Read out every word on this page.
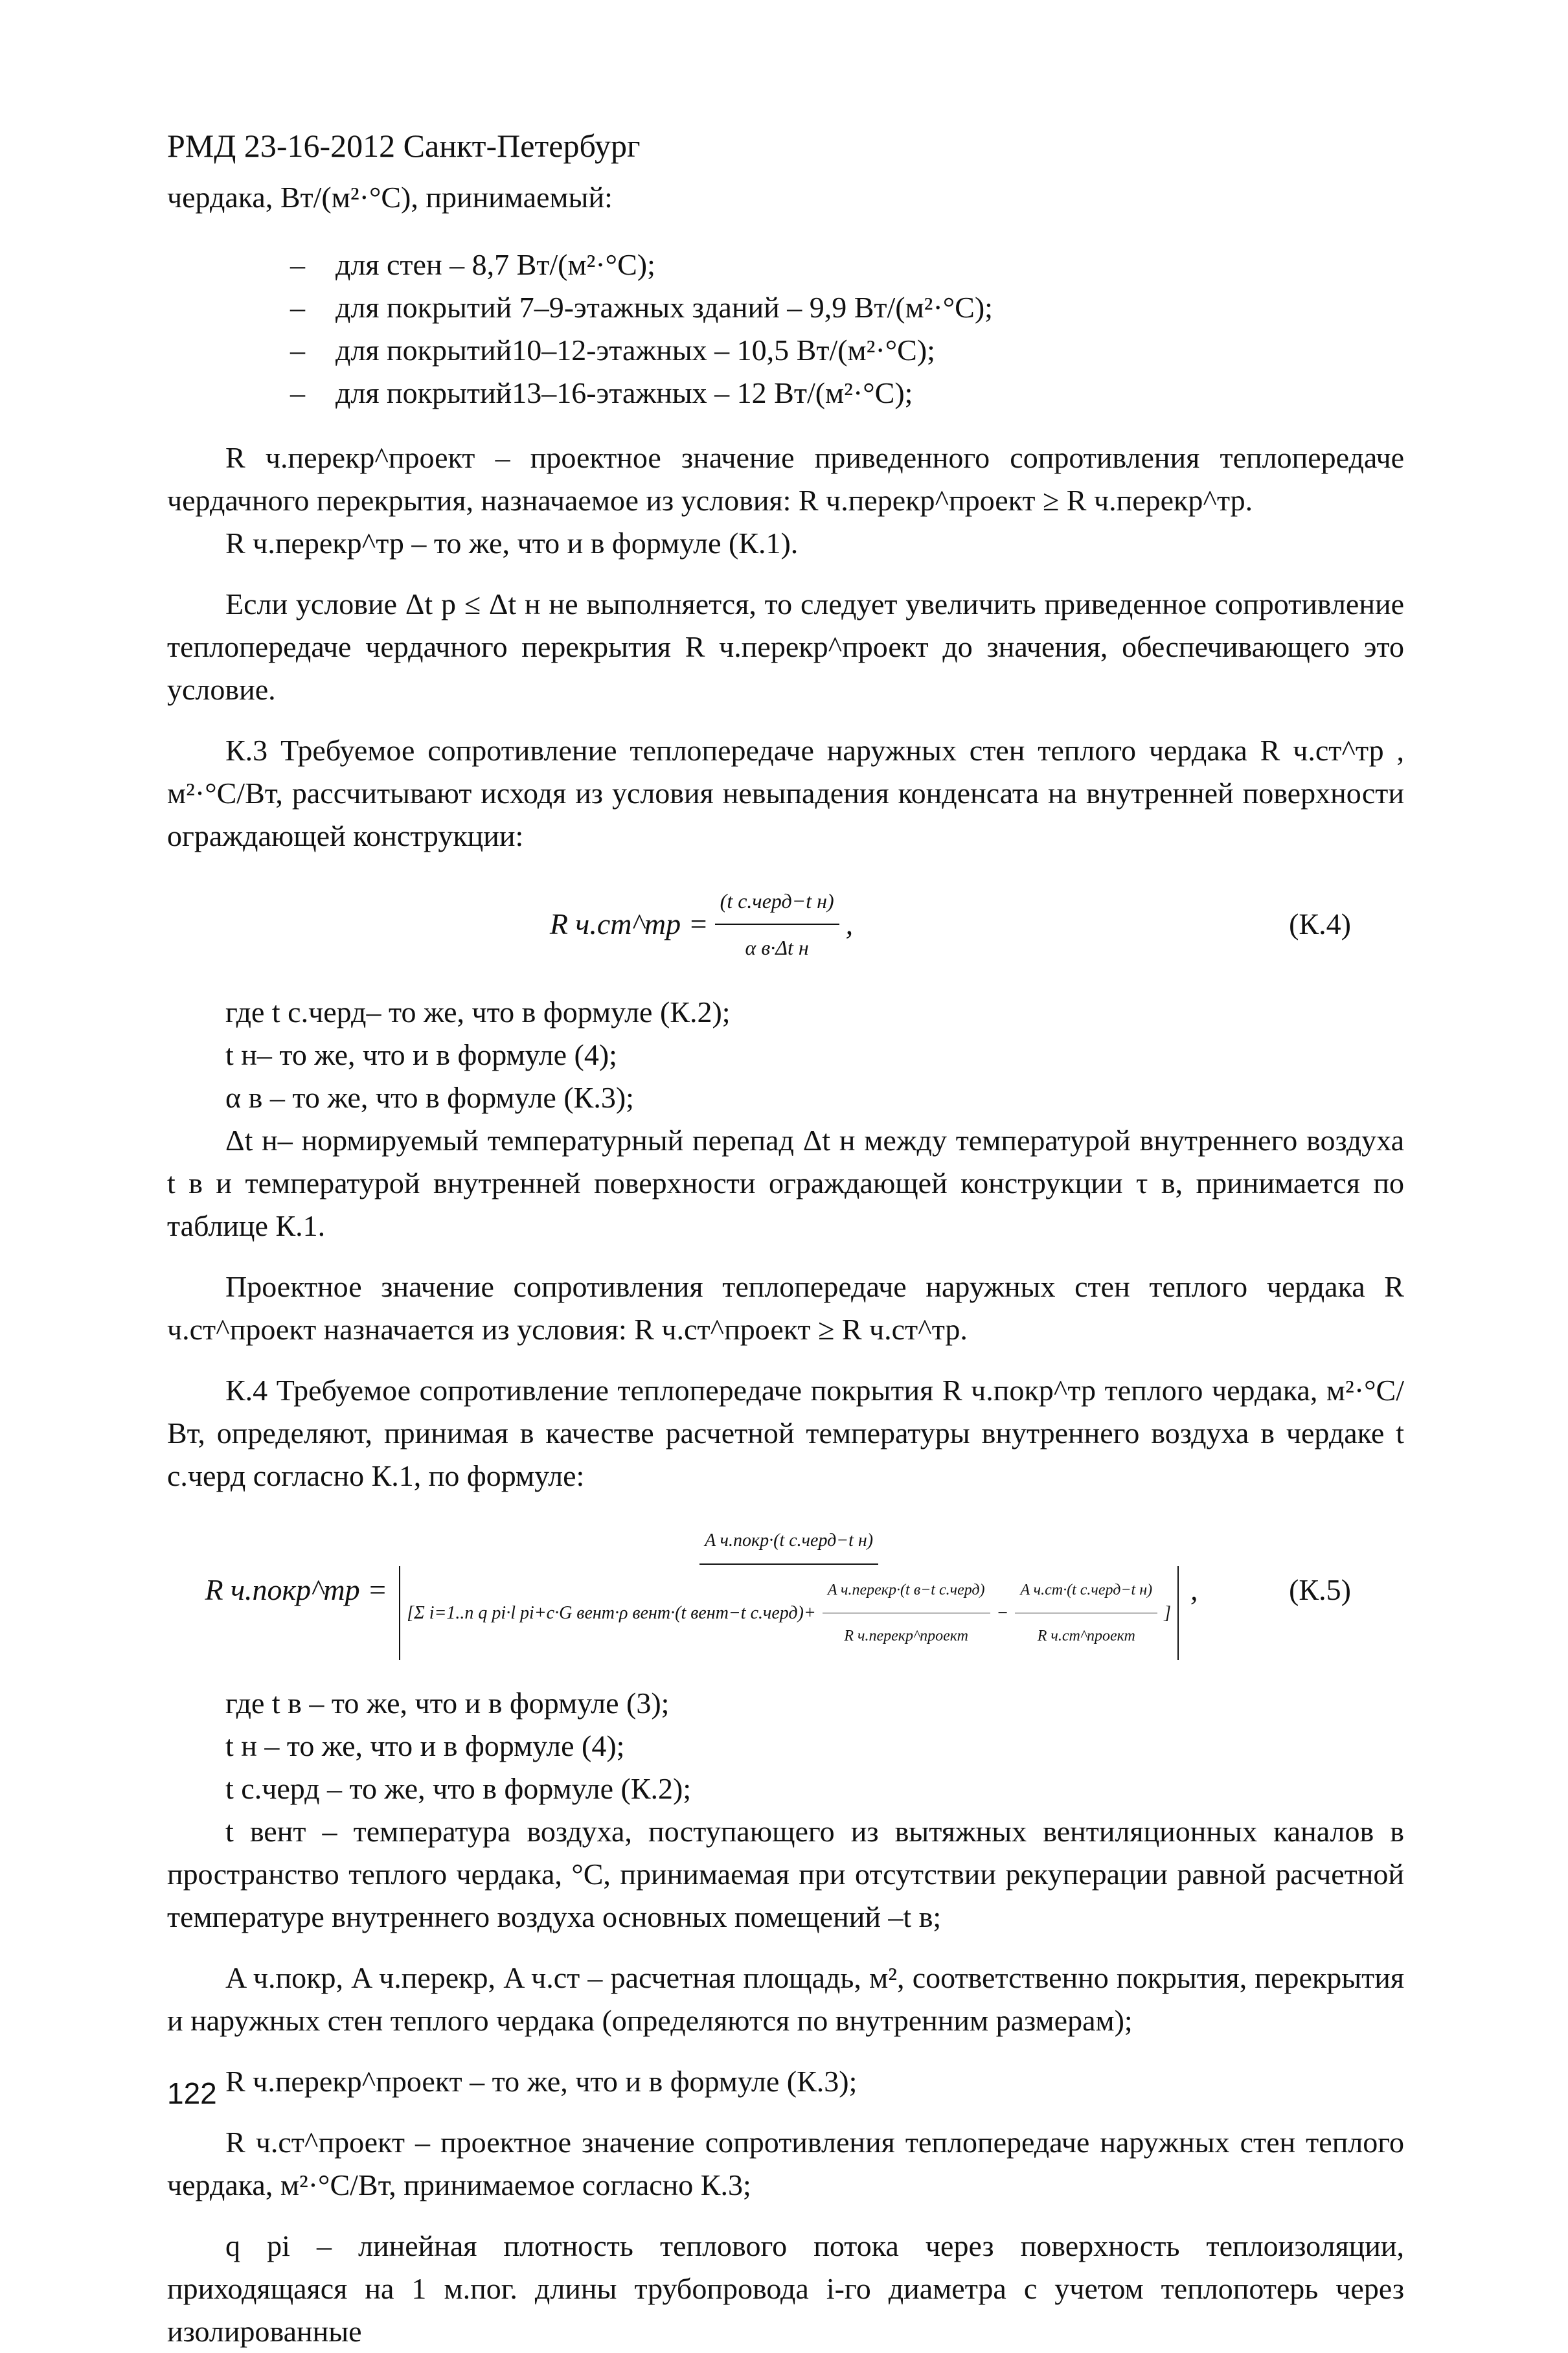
РМД 23-16-2012 Санкт-Петербург

чердака, Вт/(м²·°С), принимаемый:

– для стен – 8,7 Вт/(м²·°С);
– для покрытий 7–9-этажных зданий – 9,9 Вт/(м²·°С);
– для покрытий10–12-этажных – 10,5 Вт/(м²·°С);
– для покрытий13–16-этажных – 12 Вт/(м²·°С);

R ч.перекр^проект – проектное значение приведенного сопротивления теплопередаче чердачного перекрытия, назначаемое из условия: R ч.перекр^проект ≥ R ч.перекр^тр.

R ч.перекр^тр – то же, что и в формуле (К.1).

Если условие Δt р ≤ Δt н не выполняется, то следует увеличить приведенное сопротивление теплопередаче чердачного перекрытия R ч.перекр^проект до значения, обеспечивающего это условие.

К.3 Требуемое сопротивление теплопередаче наружных стен теплого чердака R ч.ст^тр , м²·°С/Вт, рассчитывают исходя из условия невыпадения конденсата на внутренней поверхности ограждающей конструкции:

R ч.ст^тр = $\frac{\text{(t с.черд−t н)}}{\text{α в·Δt н}}$ ,	(К.4)

где t с.черд– то же, что в формуле (К.2);

t н– то же, что и в формуле (4);

α в – то же, что в формуле (К.3);

Δt н– нормируемый температурный перепад Δt н между температурой внутреннего воздуха t в и температурой внутренней поверхности ограждающей конструкции τ в, принимается по таблице К.1.

Проектное значение сопротивления теплопередаче наружных стен теплого чердака R ч.ст^проект назначается из условия: R ч.ст^проект ≥ R ч.ст^тр.

К.4 Требуемое сопротивление теплопередаче покрытия R ч.покр^тр теплого чердака, м²·°С/Вт, определяют, принимая в качестве расчетной температуры внутреннего воздуха в чердаке t с.черд согласно К.1, по формуле:

R ч.покр^тр =
A ч.покр·(t с.черд−t н)
[Σ i=1..n q pi·l pi+c·G вент·ρ вент·(t вент−t с.черд)+ $\frac{\text{A ч.перекр·(t в−t с.черд)}}{\text{R ч.перекр\textasciicircum{}проект}} - \frac{\text{A ч.ст·(t с.черд−t н)}}{\text{R ч.ст\textasciicircum{}проект}}$ ]
,	(К.5)

где t в – то же, что и в формуле (3);

t н – то же, что и в формуле (4);

t с.черд – то же, что в формуле (К.2);

t вент – температура воздуха, поступающего из вытяжных вентиляционных каналов в пространство теплого чердака, °С, принимаемая при отсутствии рекуперации равной расчетной температуре внутреннего воздуха основных помещений –t в;

A ч.покр, A ч.перекр, A ч.ст – расчетная площадь, м², соответственно покрытия, перекрытия и наружных стен теплого чердака (определяются по внутренним размерам);

R ч.перекр^проект – то же, что и в формуле (К.3);

R ч.ст^проект – проектное значение сопротивления теплопередаче наружных стен теплого чердака, м²·°С/Вт, принимаемое согласно К.3;

q pi – линейная плотность теплового потока через поверхность теплоизоляции, приходящаяся на 1 м.пог. длины трубопровода i-го диаметра с учетом теплопотерь через изолированные

122
